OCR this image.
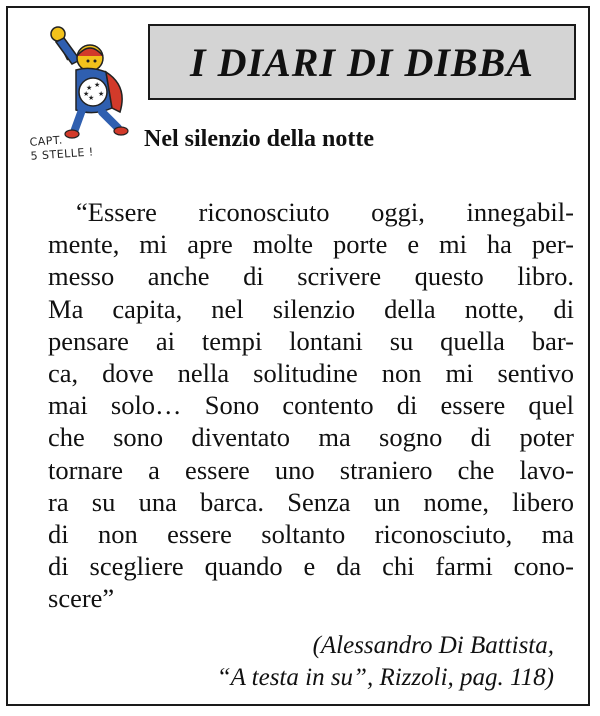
★ ★
★
★
★
CAPT.
5 STELLE !
I DIARI DI DIBBA
Nel silenzio della notte
“Essere riconosciuto oggi, innegabil-
mente, mi apre molte porte e mi ha per-
messo anche di scrivere questo libro.
Ma capita, nel silenzio della notte, di
pensare ai tempi lontani su quella bar-
ca, dove nella solitudine non mi sentivo
mai solo… Sono contento di essere quel
che sono diventato ma sogno di poter
tornare a essere uno straniero che lavo-
ra su una barca. Senza un nome, libero
di non essere soltanto riconosciuto, ma
di scegliere quando e da chi farmi cono-
scere”
(Alessandro Di Battista,
“A testa in su”, Rizzoli, pag. 118)
